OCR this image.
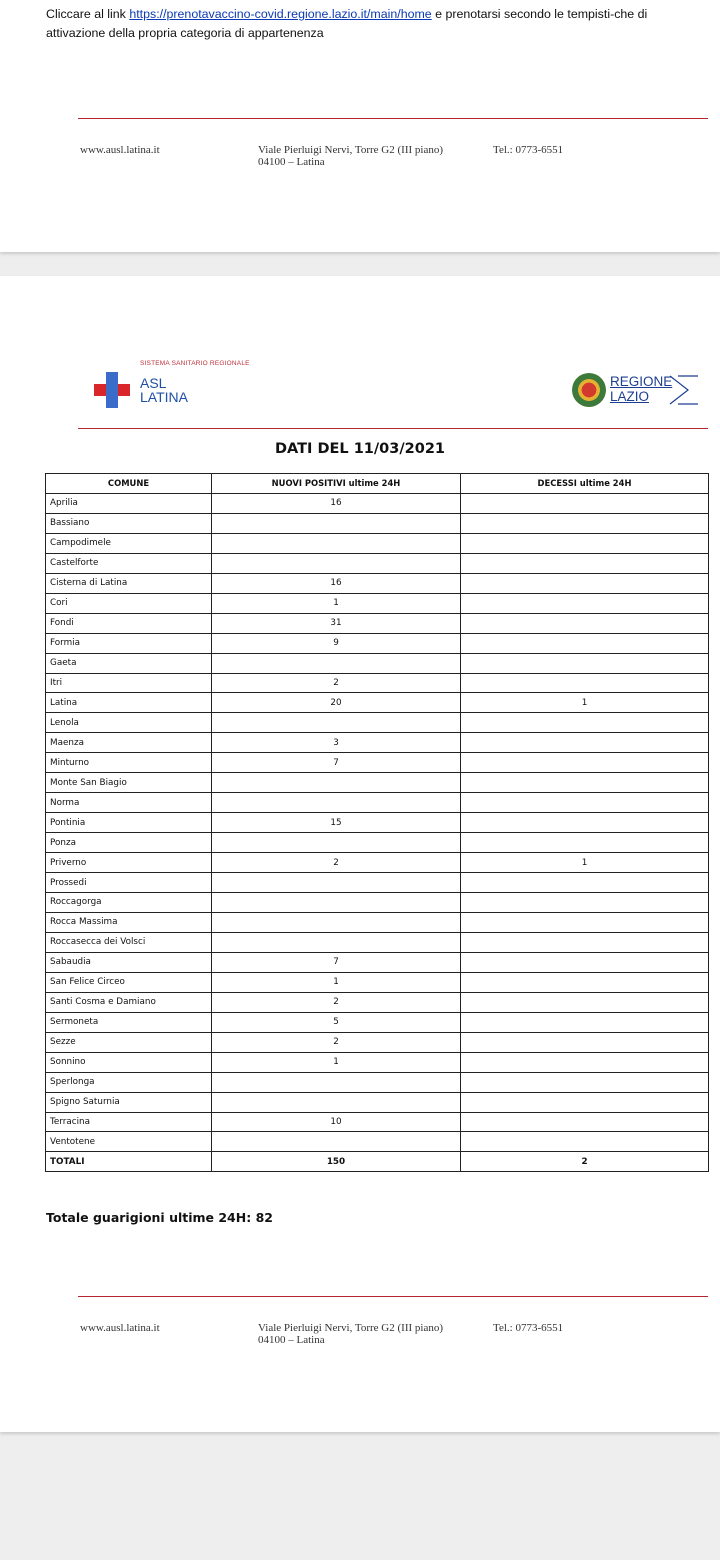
Cliccare al link https://prenotavaccino-covid.regione.lazio.it/main/home e prenotarsi secondo le tempisti-che di attivazione della propria categoria di appartenenza
www.ausl.latina.it	Viale Pierluigi Nervi, Torre G2 (III piano)
04100 – Latina
Tel.: 0773-6551
SISTEMA SANITARIO REGIONALE
ASL
LATINA
REGIONE
LAZIO
DATI DEL 11/03/2021
COMUNE	NUOVI POSITIVI ultime 24H	DECESSI ultime 24H
Aprilia	16	
Bassiano		
Campodimele		
Castelforte		
Cisterna di Latina	16	
Cori	1	
Fondi	31	
Formia	9	
Gaeta		
Itri	2	
Latina	20	1
Lenola		
Maenza	3	
Minturno	7	
Monte San Biagio		
Norma		
Pontinia	15	
Ponza		
Priverno	2	1
Prossedi		
Roccagorga		
Rocca Massima		
Roccasecca dei Volsci		
Sabaudia	7	
San Felice Circeo	1	
Santi Cosma e Damiano	2	
Sermoneta	5	
Sezze	2	
Sonnino	1	
Sperlonga		
Spigno Saturnia		
Terracina	10	
Ventotene		
TOTALI	150	2
Totale guarigioni ultime 24H: 82
www.ausl.latina.it	Viale Pierluigi Nervi, Torre G2 (III piano)
04100 – Latina
Tel.: 0773-6551
